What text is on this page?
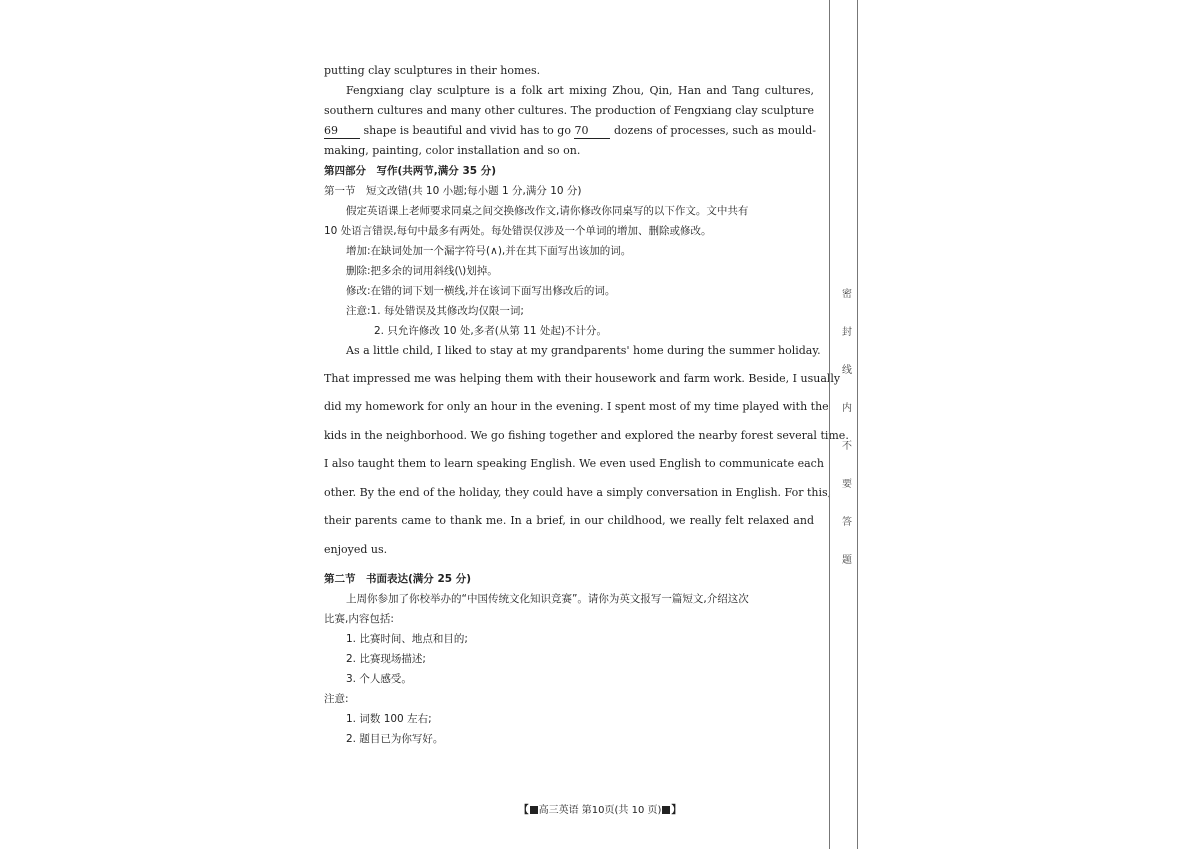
putting clay sculptures in their homes.
Fengxiang clay sculpture is a folk art mixing Zhou, Qin, Han and Tang cultures,
southern cultures and many other cultures. The production of Fengxiang clay sculpture
69 shape is beautiful and vivid has to go 70 dozens of processes, such as mould-
making, painting, color installation and so on.
第四部分　写作(共两节,满分 35 分)
第一节　短文改错(共 10 小题;每小题 1 分,满分 10 分)
假定英语课上老师要求同桌之间交换修改作文,请你修改你同桌写的以下作文。文中共有
10 处语言错误,每句中最多有两处。每处错误仅涉及一个单词的增加、删除或修改。
增加:在缺词处加一个漏字符号(∧),并在其下面写出该加的词。
删除:把多余的词用斜线(\)划掉。
修改:在错的词下划一横线,并在该词下面写出修改后的词。
注意:1. 每处错误及其修改均仅限一词;
2. 只允许修改 10 处,多者(从第 11 处起)不计分。
As a little child, I liked to stay at my grandparents' home during the summer holiday.
That impressed me was helping them with their housework and farm work. Beside, I usually
did my homework for only an hour in the evening. I spent most of my time played with the
kids in the neighborhood. We go fishing together and explored the nearby forest several time.
I also taught them to learn speaking English. We even used English to communicate each
other. By the end of the holiday, they could have a simply conversation in English. For this,
their parents came to thank me. In a brief, in our childhood, we really felt relaxed and
enjoyed us.
第二节　书面表达(满分 25 分)
上周你参加了你校举办的“中国传统文化知识竞赛”。请你为英文报写一篇短文,介绍这次
比赛,内容包括:
1. 比赛时间、地点和目的;
2. 比赛现场描述;
3. 个人感受。
注意:
1. 词数 100 左右;
2. 题目已为你写好。
密
封
线
内
不
要
答
题
【 高三英语 第10页(共 10 页) 】
